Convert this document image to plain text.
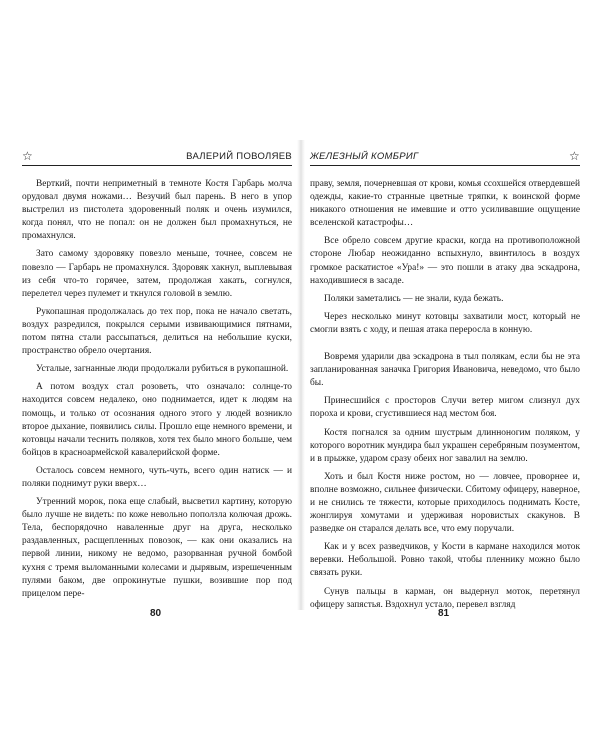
☆	ВАЛЕРИЙ ПОВОЛЯЕВ

Верткий, почти неприметный в темноте Костя Гарбарь молча орудовал двумя ножами… Везучий был парень. В него в упор выстрелил из пистолета здоровенный поляк и очень изумился, когда понял, что не попал: он не должен был промахнуться, не промахнулся.

Зато самому здоровяку повезло меньше, точнее, совсем не повезло — Гарбарь не промахнулся. Здоровяк хакнул, выплевывая из себя что-то горячее, затем, продолжая хакать, согнулся, перелетел через пулемет и ткнулся головой в землю.

Рукопашная продолжалась до тех пор, пока не начало светать, воздух разредился, покрылся серыми извивающимися пятнами, потом пятна стали рассыпаться, делиться на небольшие куски, пространство обрело очертания.

Усталые, загнанные люди продолжали рубиться в рукопашной.

А потом воздух стал розоветь, что означало: солнце-то находится совсем недалеко, оно поднимается, идет к людям на помощь, и только от осознания одного этого у людей возникло второе дыхание, появились силы. Прошло еще немного времени, и котовцы начали теснить поляков, хотя тех было много больше, чем бойцов в красноармейской кавалерийской форме.

Осталось совсем немного, чуть-чуть, всего один натиск — и поляки поднимут руки вверх…

Утренний морок, пока еще слабый, высветил картину, которую было лучше не видеть: по коже невольно поползла колючая дрожь. Тела, беспорядочно наваленные друг на друга, несколько раздавленных, расщепленных повозок, — как они оказались на первой линии, никому не ведомо, разорванная ручной бомбой кухня с тремя выломанными колесами и дырявым, изрешеченным пулями баком, две опрокинутые пушки, возившие пор под прицелом пере-

80
ЖЕЛЕЗНЫЙ КОМБРИГ	☆

праву, земля, почерневшая от крови, комья ссохшейся отвердевшей одежды, какие-то странные цветные тряпки, к воинской форме никакого отношения не имевшие и отто усиливавшие ощущение вселенской катастрофы…

Все обрело совсем другие краски, когда на противоположной стороне Любар неожиданно вспыхнуло, ввинтилось в воздух громкое раскатистое «Ура!» — это пошли в атаку два эскадрона, находившиеся в засаде.

Поляки заметались — не знали, куда бежать.

Через несколько минут котовцы захватили мост, который не смогли взять с ходу, и пешая атака переросла в конную.

Вовремя ударили два эскадрона в тыл полякам, если бы не эта запланированная заначка Григория Ивановича, неведомо, что было бы.

Принесшийся с просторов Случи ветер мигом слизнул дух пороха и крови, сгустившиеся над местом боя.

Костя погнался за одним шустрым длинноногим поляком, у которого воротник мундира был украшен серебряным позументом, и в прыжке, ударом сразу обеих ног завалил на землю.

Хоть и был Костя ниже ростом, но — ловчее, проворнее и, вполне возможно, сильнее физически. Сбитому офицеру, наверное, и не снились те тяжести, которые приходилось поднимать Косте, жонглируя хомутами и удерживая норовистых скакунов. В разведке он старался делать все, что ему поручали.

Как и у всех разведчиков, у Кости в кармане находился моток веревки. Небольшой. Ровно такой, чтобы пленнику можно было связать руки.

Сунув пальцы в карман, он выдернул моток, перетянул офицеру запястья. Вздохнул устало, перевел взгляд

81
